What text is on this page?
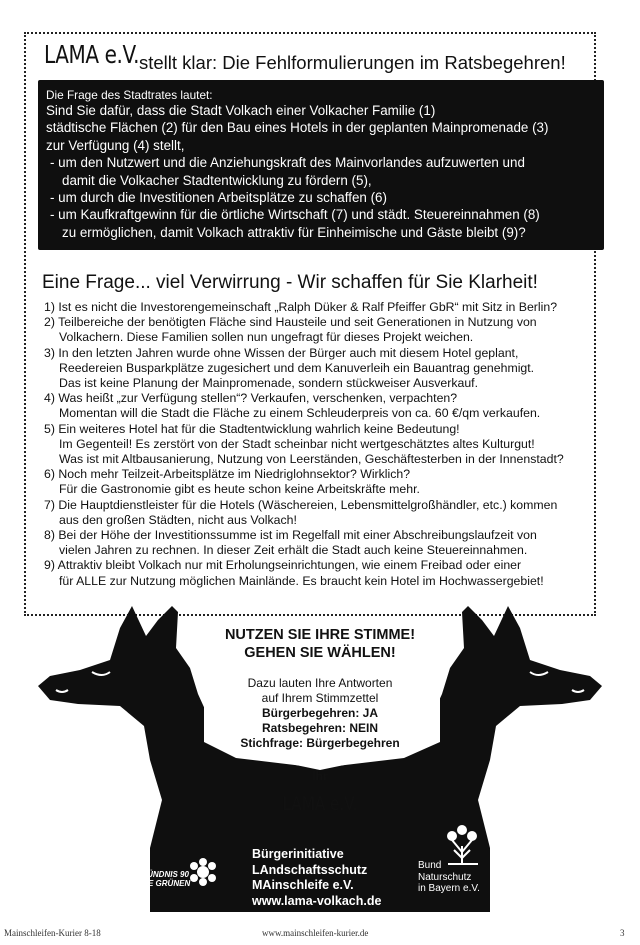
LAMA e.V. stellt klar: Die Fehlformulierungen im Ratsbegehren!
Die Frage des Stadtrates lautet:
Sind Sie dafür, dass die Stadt Volkach einer Volkacher Familie (1)
städtische Flächen (2) für den Bau eines Hotels in der geplanten Mainpromenade (3)
zur Verfügung (4) stellt,
- um den Nutzwert und die Anziehungskraft des Mainvorlandes aufzuwerten und
damit die Volkacher Stadtentwicklung zu fördern (5),
- um durch die Investitionen Arbeitsplätze zu schaffen (6)
- um Kaufkraftgewinn für die örtliche Wirtschaft (7) und städt. Steuereinnahmen (8)
zu ermöglichen, damit Volkach attraktiv für Einheimische und Gäste bleibt (9)?
Eine Frage... viel Verwirrung - Wir schaffen für Sie Klarheit!
1) Ist es nicht die Investorengemeinschaft „Ralph Düker & Ralf Pfeiffer GbR“ mit Sitz in Berlin?
2) Teilbereiche der benötigten Fläche sind Hausteile und seit Generationen in Nutzung von
Volkachern. Diese Familien sollen nun ungefragt für dieses Projekt weichen.
3) In den letzten Jahren wurde ohne Wissen der Bürger auch mit diesem Hotel geplant,
Reedereien Busparkplätze zugesichert und dem Kanuverleih ein Bauantrag genehmigt.
Das ist keine Planung der Mainpromenade, sondern stückweiser Ausverkauf.
4) Was heißt „zur Verfügung stellen“? Verkaufen, verschenken, verpachten?
Momentan will die Stadt die Fläche zu einem Schleuderpreis von ca. 60 €/qm verkaufen.
5) Ein weiteres Hotel hat für die Stadtentwicklung wahrlich keine Bedeutung!
Im Gegenteil! Es zerstört von der Stadt scheinbar nicht wertgeschätztes altes Kulturgut!
Was ist mit Altbausanierung, Nutzung von Leerständen, Geschäftesterben in der Innenstadt?
6) Noch mehr Teilzeit-Arbeitsplätze im Niedriglohnsektor? Wirklich?
Für die Gastronomie gibt es heute schon keine Arbeitskräfte mehr.
7) Die Hauptdienstleister für die Hotels (Wäschereien, Lebensmittelgroßhändler, etc.) kommen
aus den großen Städten, nicht aus Volkach!
8) Bei der Höhe der Investitionssumme ist im Regelfall mit einer Abschreibungslaufzeit von
vielen Jahren zu rechnen. In dieser Zeit erhält die Stadt auch keine Steuereinnahmen.
9) Attraktiv bleibt Volkach nur mit Erholungseinrichtungen, wie einem Freibad oder einer
für ALLE zur Nutzung möglichen Mainlände. Es braucht kein Hotel im Hochwassergebiet!
NUTZEN SIE IHRE STIMME!
GEHEN SIE WÄHLEN!
Dazu lauten Ihre Antworten
auf Ihrem Stimmzettel
Bürgerbegehren: JA
Ratsbegehren: NEIN
Stichfrage: Bürgerbegehren
Ihr
LAMA e.V.
Bürgerinitiative
LAndschaftsschutz
MAinschleife e.V.
www.lama-volkach.de
BÜNDNIS 90
DIE GRÜNEN
Bund
Naturschutz
in Bayern e.V.
Mainschleifen-Kurier 8-18	www.mainschleifen-kurier.de	3
